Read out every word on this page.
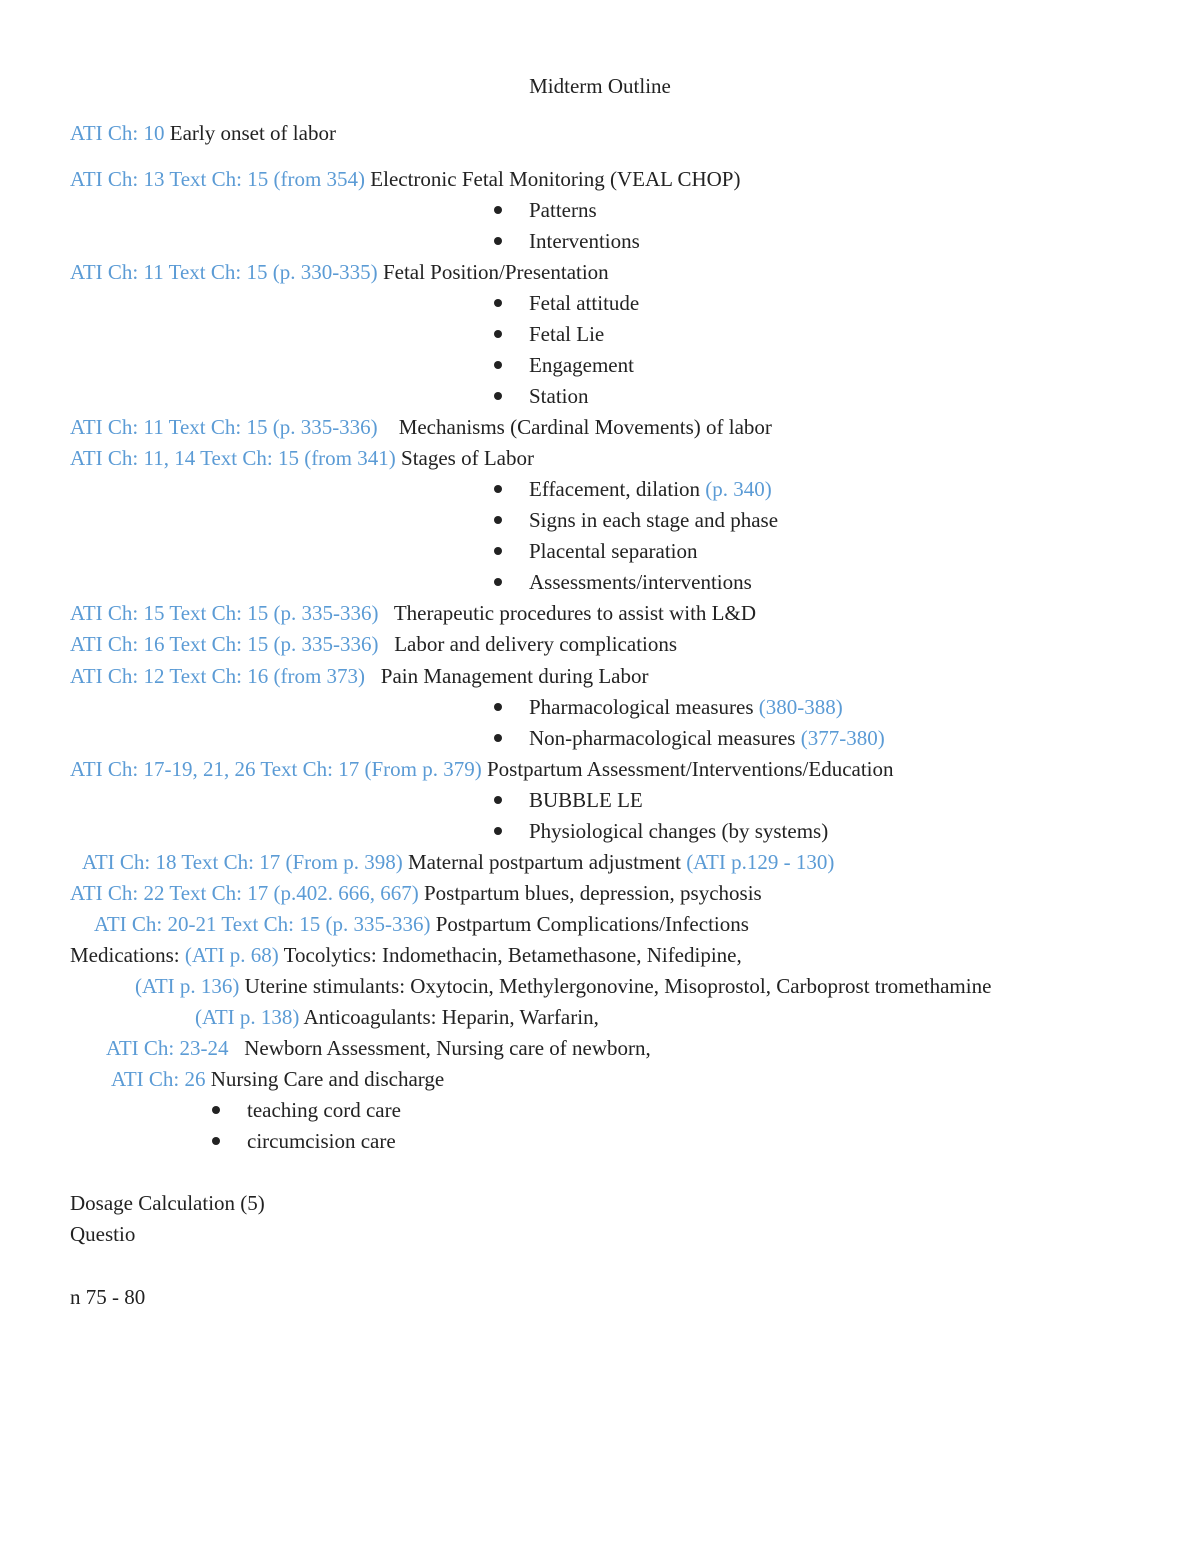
Midterm Outline
ATI Ch: 10 Early onset of labor
ATI Ch: 13 Text Ch: 15 (from 354) Electronic Fetal Monitoring (VEAL CHOP)
Patterns
Interventions
ATI Ch: 11 Text Ch: 15 (p. 330-335) Fetal Position/Presentation
Fetal attitude
Fetal Lie
Engagement
Station
ATI Ch: 11 Text Ch: 15 (p. 335-336)    Mechanisms (Cardinal Movements) of labor
ATI Ch: 11, 14 Text Ch: 15 (from 341) Stages of Labor
Effacement, dilation (p. 340)
Signs in each stage and phase
Placental separation
Assessments/interventions
ATI Ch: 15 Text Ch: 15 (p. 335-336)   Therapeutic procedures to assist with L&D
ATI Ch: 16 Text Ch: 15 (p. 335-336)   Labor and delivery complications
ATI Ch: 12 Text Ch: 16 (from 373)   Pain Management during Labor
Pharmacological measures (380-388)
Non-pharmacological measures (377-380)
ATI Ch: 17-19, 21, 26 Text Ch: 17 (From p. 379) Postpartum Assessment/Interventions/Education
BUBBLE LE
Physiological changes (by systems)
ATI Ch: 18 Text Ch: 17 (From p. 398) Maternal postpartum adjustment (ATI p.129 - 130)
ATI Ch: 22 Text Ch: 17 (p.402. 666, 667) Postpartum blues, depression, psychosis
ATI Ch: 20-21 Text Ch: 15 (p. 335-336) Postpartum Complications/Infections
Medications: (ATI p. 68) Tocolytics: Indomethacin, Betamethasone, Nifedipine,
(ATI p. 136) Uterine stimulants: Oxytocin, Methylergonovine, Misoprostol, Carboprost tromethamine
(ATI p. 138) Anticoagulants: Heparin, Warfarin,
ATI Ch: 23-24   Newborn Assessment, Nursing care of newborn,
ATI Ch: 26 Nursing Care and discharge
teaching cord care
circumcision care
Dosage Calculation (5)
Questio
n 75 - 80
